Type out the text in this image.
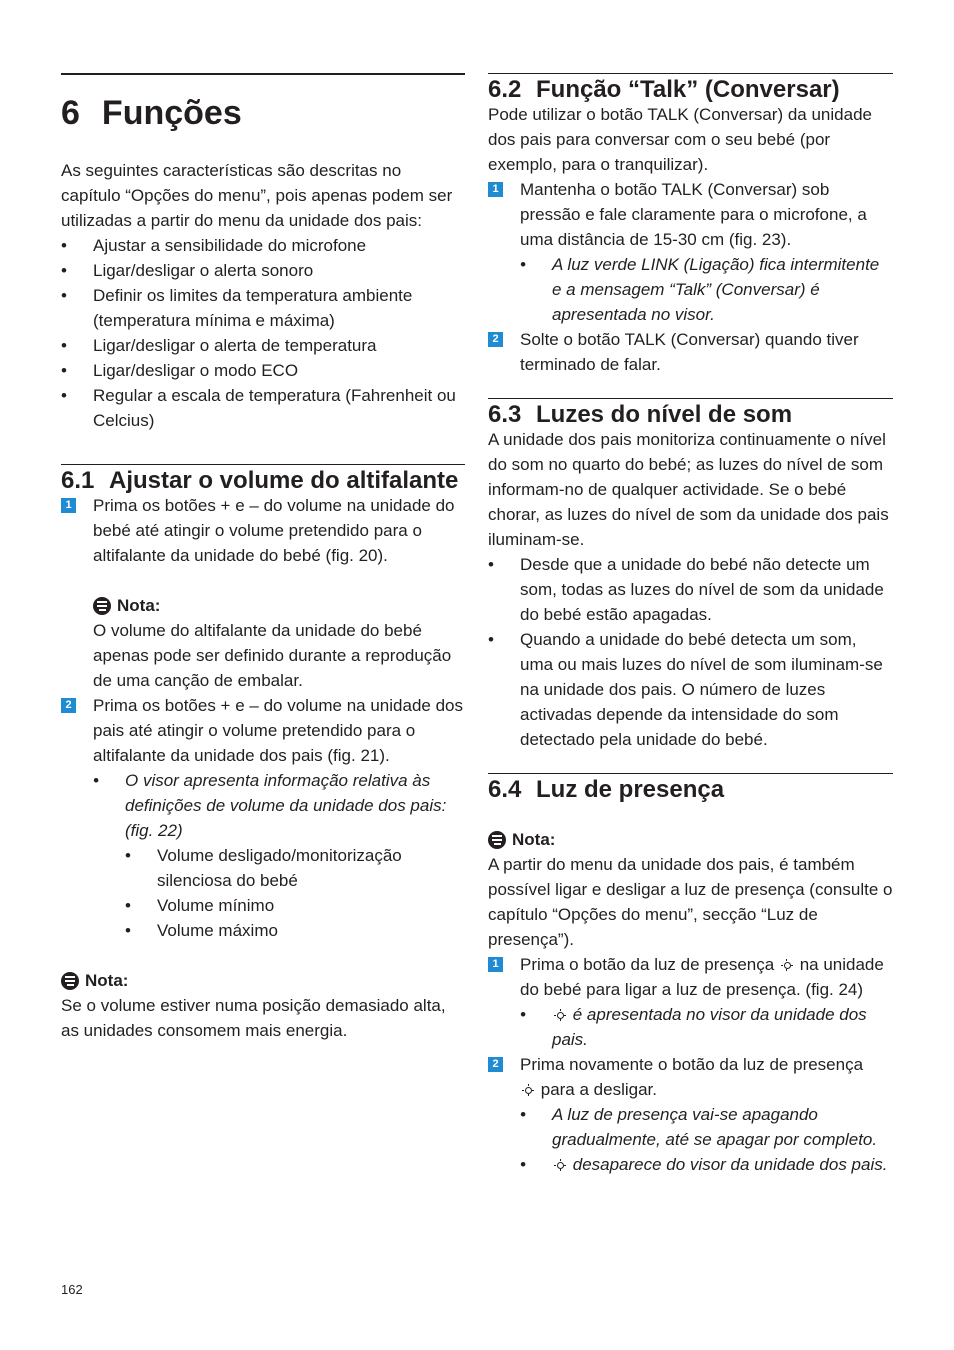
6 Funções

As seguintes características são descritas no capítulo “Opções do menu”, pois apenas podem ser utilizadas a partir do menu da unidade dos pais:

• Ajustar a sensibilidade do microfone
• Ligar/desligar o alerta sonoro
• Definir os limites da temperatura ambiente (temperatura mínima e máxima)
• Ligar/desligar o alerta de temperatura
• Ligar/desligar o modo ECO
• Regular a escala de temperatura (Fahrenheit ou Celcius)
6.1 Ajustar o volume do altifalante
1 Prima os botões + e – do volume na unidade do bebé até atingir o volume pretendido para o altifalante da unidade do bebé (fig. 20).

Nota:

O volume do altifalante da unidade do bebé apenas pode ser definido durante a reprodução de uma canção de embalar.

2 Prima os botões + e – do volume na unidade dos pais até atingir o volume pretendido para o altifalante da unidade dos pais (fig. 21).

• O visor apresenta informação relativa às definições de volume da unidade dos pais: (fig. 22)
• Volume desligado/monitorização silenciosa do bebé
• Volume mínimo
• Volume máximo
Nota:

Se o volume estiver numa posição demasiado alta, as unidades consomem mais energia.

6.2 Função “Talk” (Conversar)

Pode utilizar o botão TALK (Conversar) da unidade dos pais para conversar com o seu bebé (por exemplo, para o tranquilizar).

1 Mantenha o botão TALK (Conversar) sob pressão e fale claramente para o microfone, a uma distância de 15-30 cm (fig. 23).

• A luz verde LINK (Ligação) fica intermitente e a mensagem “Talk” (Conversar) é apresentada no visor.
2 Solte o botão TALK (Conversar) quando tiver terminado de falar.

6.3 Luzes do nível de som

A unidade dos pais monitoriza continuamente o nível do som no quarto do bebé; as luzes do nível de som informam-no de qualquer actividade. Se o bebé chorar, as luzes do nível de som da unidade dos pais iluminam-se.

• Desde que a unidade do bebé não detecte um som, todas as luzes do nível de som da unidade do bebé estão apagadas.
• Quando a unidade do bebé detecta um som, uma ou mais luzes do nível de som iluminam-se na unidade dos pais. O número de luzes activadas depende da intensidade do som detectado pela unidade do bebé.
6.4 Luz de presença
Nota:

A partir do menu da unidade dos pais, é também possível ligar e desligar a luz de presença (consulte o capítulo “Opções do menu”, secção “Luz de presença”).

1 Prima o botão da luz de presença na unidade do bebé para ligar a luz de presença. (fig. 24)

• é apresentada no visor da unidade dos pais.
2 Prima novamente o botão da luz de presença
para a desligar.

• A luz de presença vai-se apagando gradualmente, até se apagar por completo.
• desaparece do visor da unidade dos pais.
162
